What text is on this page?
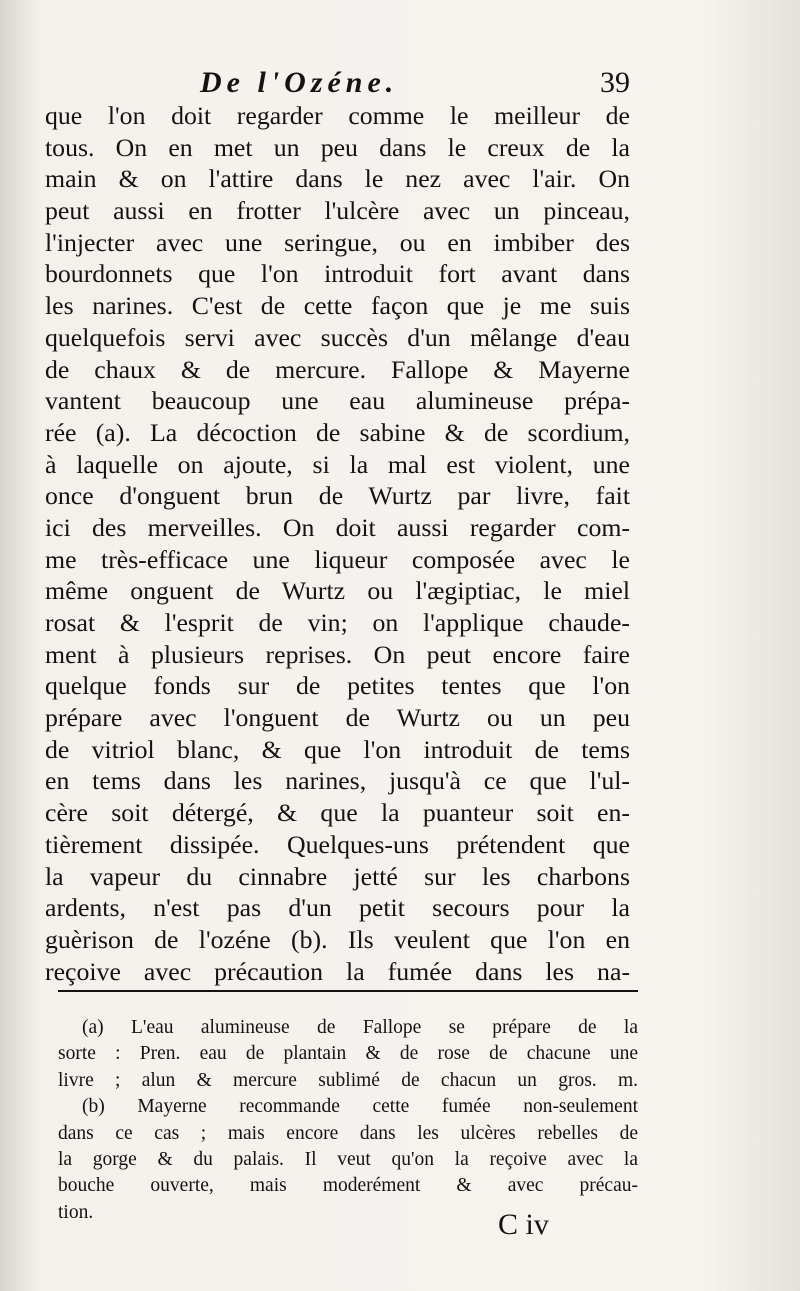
De l'Ozéne.	39
que l'on doit regarder comme le meilleur de
tous. On en met un peu dans le creux de la
main & on l'attire dans le nez avec l'air. On
peut aussi en frotter l'ulcère avec un pinceau,
l'injecter avec une seringue, ou en imbiber des
bourdonnets que l'on introduit fort avant dans
les narines. C'est de cette façon que je me suis
quelquefois servi avec succès d'un mêlange d'eau
de chaux & de mercure. Fallope & Mayerne
vantent beaucoup une eau alumineuse prépa-
rée (a). La décoction de sabine & de scordium,
à laquelle on ajoute, si la mal est violent, une
once d'onguent brun de Wurtz par livre, fait
ici des merveilles. On doit aussi regarder com-
me très-efficace une liqueur composée avec le
même onguent de Wurtz ou l'ægiptiac, le miel
rosat & l'esprit de vin; on l'applique chaude-
ment à plusieurs reprises. On peut encore faire
quelque fonds sur de petites tentes que l'on
prépare avec l'onguent de Wurtz ou un peu
de vitriol blanc, & que l'on introduit de tems
en tems dans les narines, jusqu'à ce que l'ul-
cère soit détergé, & que la puanteur soit en-
tièrement dissipée. Quelques-uns prétendent que
la vapeur du cinnabre jetté sur les charbons
ardents, n'est pas d'un petit secours pour la
guèrison de l'ozéne (b). Ils veulent que l'on en
reçoive avec précaution la fumée dans les na-
(a) L'eau alumineuse de Fallope se prépare de la
sorte : Pren. eau de plantain & de rose de chacune une
livre ; alun & mercure sublimé de chacun un gros. m.
(b) Mayerne recommande cette fumée non-seulement
dans ce cas ; mais encore dans les ulcères rebelles de
la gorge & du palais. Il veut qu'on la reçoive avec la
bouche ouverte, mais moderément & avec précau-
tion.	C iv
